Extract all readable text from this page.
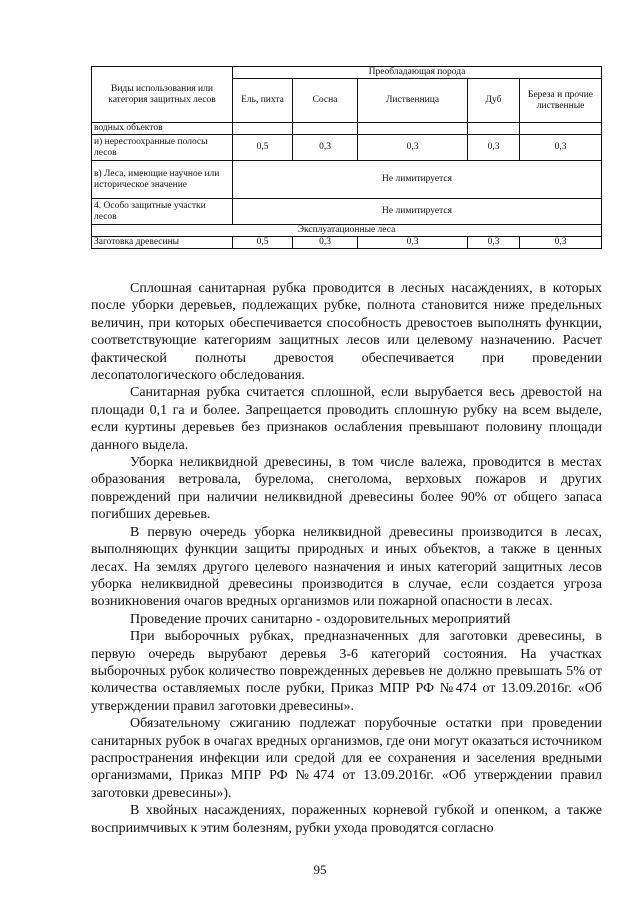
Виды использования или категория защитных лесов	Преобладающая порода				
	Ель, пихта	Сосна	Лиственница	Дуб	Береза и прочие лиственные
водных объектов					
и) нерестоохранные полосы лесов	0,5	0,3	0,3	0,3	0,3
в) Леса, имеющие научное или историческое значение	Не лимитируется				
4. Особо защитные участки лесов	Не лимитируется				
Эксплуатационные леса					
Заготовка древесины	0,5	0,3	0,3	0,3	0,3

Сплошная санитарная рубка проводится в лесных насаждениях, в которых после уборки деревьев, подлежащих рубке, полнота становится ниже предельных величин, при которых обеспечивается способность древостоев выполнять функции, соответствующие категориям защитных лесов или целевому назначению. Расчет фактической полноты древостоя обеспечивается при проведении лесопатологического обследования.

Санитарная рубка считается сплошной, если вырубается весь древостой на площади 0,1 га и более. Запрещается проводить сплошную рубку на всем выделе, если куртины деревьев без признаков ослабления превышают половину площади данного выдела.

Уборка неликвидной древесины, в том числе валежа, проводится в местах образования ветровала, бурелома, снеголома, верховых пожаров и других повреждений при наличии неликвидной древесины более 90% от общего запаса погибших деревьев.

В первую очередь уборка неликвидной древесины производится в лесах, выполняющих функции защиты природных и иных объектов, а также в ценных лесах. На землях другого целевого назначения и иных категорий защитных лесов уборка неликвидной древесины производится в случае, если создается угроза возникновения очагов вредных организмов или пожарной опасности в лесах.

Проведение прочих санитарно - оздоровительных мероприятий

При выборочных рубках, предназначенных для заготовки древесины, в первую очередь вырубают деревья 3-6 категорий состояния. На участках выборочных рубок количество поврежденных деревьев не должно превышать 5% от количества оставляемых после рубки, Приказ МПР РФ №474 от 13.09.2016г. «Об утверждении правил заготовки древесины».

Обязательному сжиганию подлежат порубочные остатки при проведении санитарных рубок в очагах вредных организмов, где они могут оказаться источником распространения инфекции или средой для ее сохранения и заселения вредными организмами, Приказ МПР РФ №474 от 13.09.2016г. «Об утверждении правил заготовки древесины»).

В хвойных насаждениях, пораженных корневой губкой и опенком, а также восприимчивых к этим болезням, рубки ухода проводятся согласно

95
